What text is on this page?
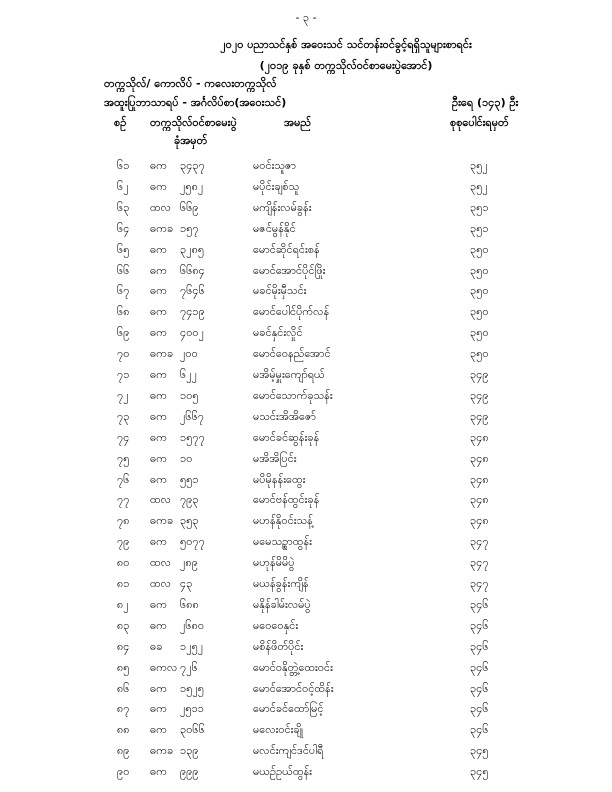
- ၃ -
၂၀၂၀ ပညာသင်နှစ် အဝေးသင် သင်တန်းဝင်ခွင့်ရရှိသူများစာရင်း
(၂၀၁၉ ခုနှစ် တက္ကသိုလ်ဝင်စာမေးပွဲအောင်)
တက္ကသိုလ်/ ကောလိပ် - ကလေးတက္ကသိုလ်
အထူးပြုဘာသာရပ် - အင်္ဂလိပ်စာ(အဝေးသင်)	ဦးရေ (၁၄၃) ဦး
စဉ်	တက္ကသိုလ်ဝင်စာမေးပွဲ
ခုံအမှတ်
အမည်	စုစုပေါင်းရမှတ်
၆၁	ဓက	၃၄၃၇	မဝင်းသူဇာ	၃၅၂
၆၂	ဓက	၂၅၈၂	မပိုင်းချစ်သူ	၃၅၂
၆၃	ထလ ၆၆၉	မကျိန်းလမ်ခွန်း	၃၅၁
၆၄	ဓကခ ၁၅၇	မဇင်မွန်နိုင်	၃၅၁
၆၅	ဓက	၃၂၈၅	မောင်ဆိုင်ရင်းစန်	၃၅၀
၆၆	ဓက	၆၆၈၄	မောင်အောင်ပိုင်ဖြိုး	၃၅၀
၆၇	ဓက	၇၆၄၆	မခင်မိုးမှီသင်း	၃၅၀
၆၈	ဓက	၇၄၁၉	မောင်ပေါင်ပိုက်လန်	၃၅၀
၆၉	ဓက	၄၀၀၂	မခင်နှင်းလှိုင်	၃၅၀
၇၀	ဓကခ ၂၀၀	မောင်ဝေနည်အောင်	၃၅၀
၇၁	ဓက	၆၂၂	မအိမ့်မှူးကျော်ရယ်	၃၄၉
၇၂	ဓက	၁၀၅	မောင်သောက်ခုသန်း	၃၄၉
၇၃	ဓက	၂၆၆၇	မသင်းအိအိဇော်	၃၄၉
၇၄	ဓက	၁၅၇၇	မောင်ခင်ဆွန်းခုန်	၃၄၈
၇၅	ဓက	၁၀	မအိအိပြင်း	၃၄၈
၇၆	ဓက	၅၅၁	မပိမိုနန်းထွေး	၃၄၈
၇၇	ထလ ၇၉၃	မောင်ဗန်ထွင်းခုန်	၃၄၈
၇၈	ဓကခ ၃၅၃	မဟန်နိုဝင်းသန့်	၃၄၈
၇၉	ဓက	၅၀၇၇	မမေသဥ္စာထွန်း	၃၄၇
၈၀	ထလ ၂၈၉	မဟုန်မိမိပွဲ	၃၄၇
၈၁	ထလ ၄၃	မယန်ခွန်းကျိန်	၃၄၇
၈၂	ဓက	၆၈၈	မနိုန်ခါမ်းလမ်ပွဲ	၃၄၆
၈၃	ဓက	၂၆၈၀	မဝေဝေနှင်း	၃၄၆
၈၄	ဓခ	၁၂၅၂	မစိန်ဖိတ်ပိုင်း	၃၄၆
၈၅	ဓကလ ၇၂၆	မောင်ဝနိုတ္တဲ့ထေးဝင်း	၃၄၆
၈၆	ဓက	၁၅၂၅	မောင်အောင်ဝင့်ထိန်း	၃၄၆
၈၇	ဓက	၂၅၁၁	မောင်ခင်ထော်မြင့်	၃၄၆
၈၈	ဓက	၃၀၆၆	မလေးဝင်းချို	၃၄၆
၈၉	ဓကခ ၁၃၉	မလင်းကျင်ဒင်ပါရီ	၃၄၅
၉၀	ဓက	၉၉၉	မယဉ်ဥယ်ထွန်း	၃၄၅
